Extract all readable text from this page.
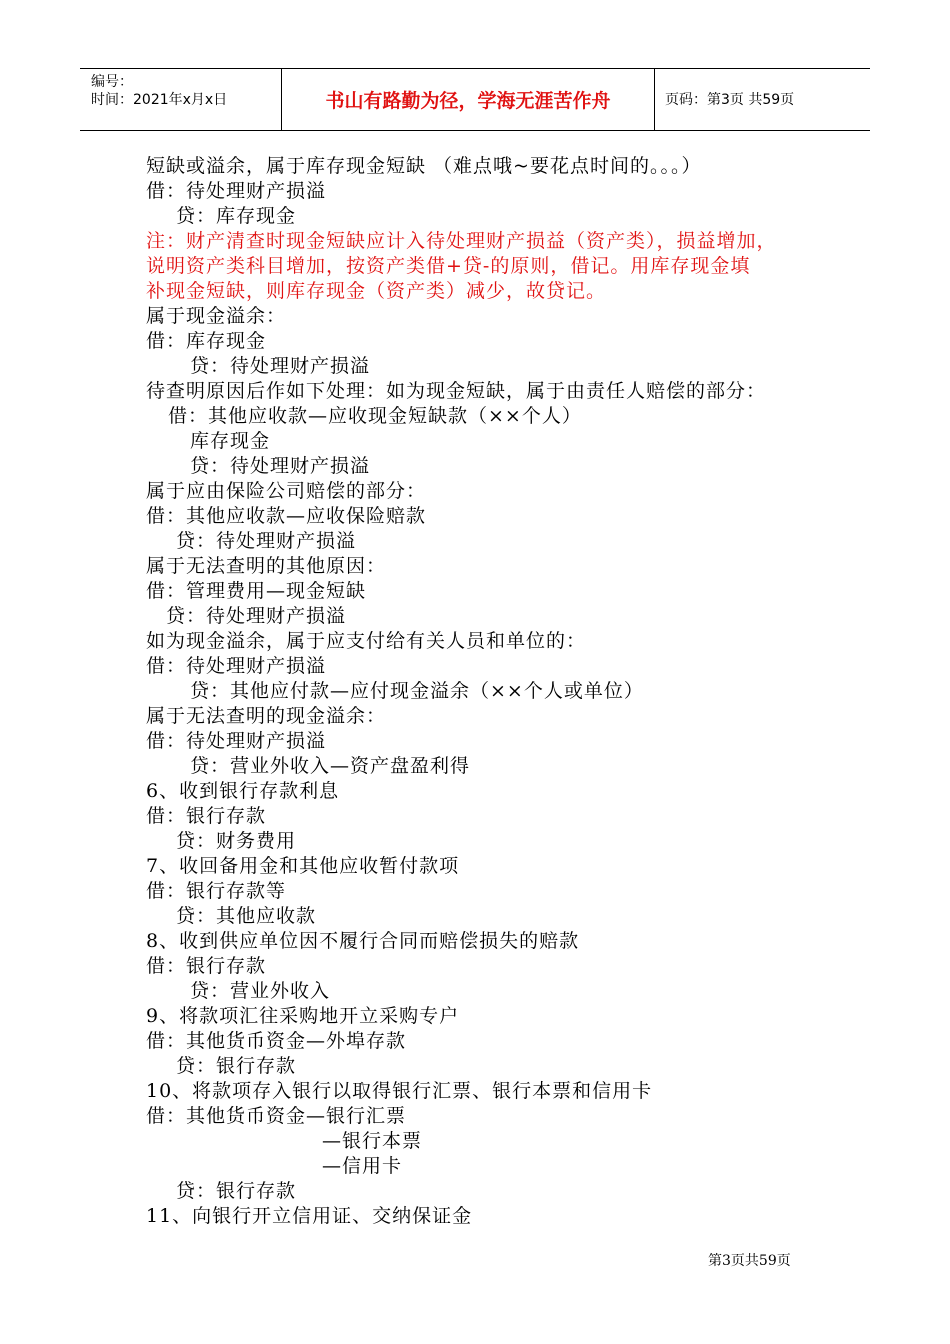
编号：
时间：2021年x月x日	书山有路勤为径，学海无涯苦作舟	页码：第3页 共59页
短缺或溢余，属于库存现金短缺 （难点哦~要花点时间的。。。）
借：待处理财产损溢
贷：库存现金
注：财产清查时现金短缺应计入待处理财产损益（资产类），损益增加，
说明资产类科目增加，按资产类借+贷-的原则，借记。用库存现金填
补现金短缺，则库存现金（资产类）减少，故贷记。
属于现金溢余：
借：库存现金
贷：待处理财产损溢
待查明原因后作如下处理：如为现金短缺，属于由责任人赔偿的部分：
借：其他应收款—应收现金短缺款（××个人）
库存现金
贷：待处理财产损溢
属于应由保险公司赔偿的部分：
借：其他应收款—应收保险赔款
贷：待处理财产损溢
属于无法查明的其他原因：
借：管理费用—现金短缺
贷：待处理财产损溢
如为现金溢余，属于应支付给有关人员和单位的：
借：待处理财产损溢
贷：其他应付款—应付现金溢余（××个人或单位）
属于无法查明的现金溢余：
借：待处理财产损溢
贷：营业外收入—资产盘盈利得
6、收到银行存款利息
借：银行存款
贷：财务费用
7、收回备用金和其他应收暂付款项
借：银行存款等
贷：其他应收款
8、收到供应单位因不履行合同而赔偿损失的赔款
借：银行存款
贷：营业外收入
9、将款项汇往采购地开立采购专户
借：其他货币资金—外埠存款
贷：银行存款
10、将款项存入银行以取得银行汇票、银行本票和信用卡
借：其他货币资金—银行汇票
—银行本票
—信用卡
贷：银行存款
11、向银行开立信用证、交纳保证金
第3页共59页
